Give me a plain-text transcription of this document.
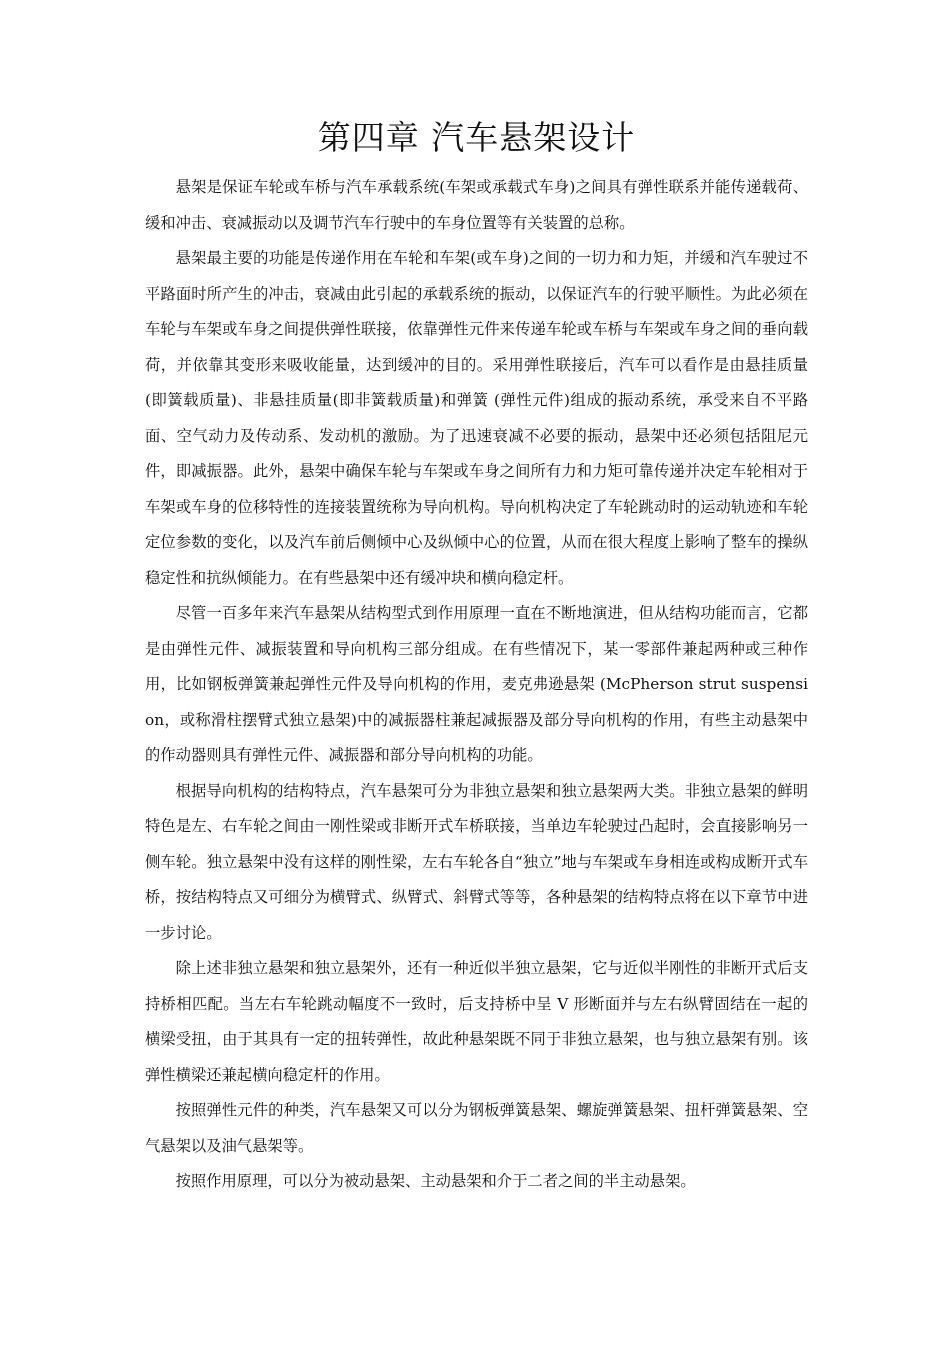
第四章 汽车悬架设计

悬架是保证车轮或车桥与汽车承载系统(车架或承载式车身)之间具有弹性联系并能传递载荷、缓和冲击、衰减振动以及调节汽车行驶中的车身位置等有关装置的总称。

悬架最主要的功能是传递作用在车轮和车架(或车身)之间的一切力和力矩，并缓和汽车驶过不平路面时所产生的冲击，衰减由此引起的承载系统的振动，以保证汽车的行驶平顺性。为此必须在车轮与车架或车身之间提供弹性联接，依靠弹性元件来传递车轮或车桥与车架或车身之间的垂向载荷，并依靠其变形来吸收能量，达到缓冲的目的。采用弹性联接后，汽车可以看作是由悬挂质量(即簧载质量)、非悬挂质量(即非簧载质量)和弹簧 (弹性元件)组成的振动系统，承受来自不平路面、空气动力及传动系、发动机的激励。为了迅速衰减不必要的振动，悬架中还必须包括阻尼元件，即减振器。此外，悬架中确保车轮与车架或车身之间所有力和力矩可靠传递并决定车轮相对于车架或车身的位移特性的连接装置统称为导向机构。导向机构决定了车轮跳动时的运动轨迹和车轮定位参数的变化，以及汽车前后侧倾中心及纵倾中心的位置，从而在很大程度上影响了整车的操纵稳定性和抗纵倾能力。在有些悬架中还有缓冲块和横向稳定杆。

尽管一百多年来汽车悬架从结构型式到作用原理一直在不断地演进，但从结构功能而言，它都是由弹性元件、减振装置和导向机构三部分组成。在有些情况下，某一零部件兼起两种或三种作用，比如钢板弹簧兼起弹性元件及导向机构的作用，麦克弗逊悬架 (McPherson strut suspension，或称滑柱摆臂式独立悬架)中的减振器柱兼起减振器及部分导向机构的作用，有些主动悬架中的作动器则具有弹性元件、减振器和部分导向机构的功能。

根据导向机构的结构特点，汽车悬架可分为非独立悬架和独立悬架两大类。非独立悬架的鲜明特色是左、右车轮之间由一刚性梁或非断开式车桥联接，当单边车轮驶过凸起时，会直接影响另一侧车轮。独立悬架中没有这样的刚性梁，左右车轮各自“独立”地与车架或车身相连或构成断开式车桥，按结构特点又可细分为横臂式、纵臂式、斜臂式等等，各种悬架的结构特点将在以下章节中进一步讨论。

除上述非独立悬架和独立悬架外，还有一种近似半独立悬架，它与近似半刚性的非断开式后支持桥相匹配。当左右车轮跳动幅度不一致时，后支持桥中呈 V 形断面并与左右纵臂固结在一起的横梁受扭，由于其具有一定的扭转弹性，故此种悬架既不同于非独立悬架，也与独立悬架有别。该弹性横梁还兼起横向稳定杆的作用。

按照弹性元件的种类，汽车悬架又可以分为钢板弹簧悬架、螺旋弹簧悬架、扭杆弹簧悬架、空气悬架以及油气悬架等。

按照作用原理，可以分为被动悬架、主动悬架和介于二者之间的半主动悬架。
